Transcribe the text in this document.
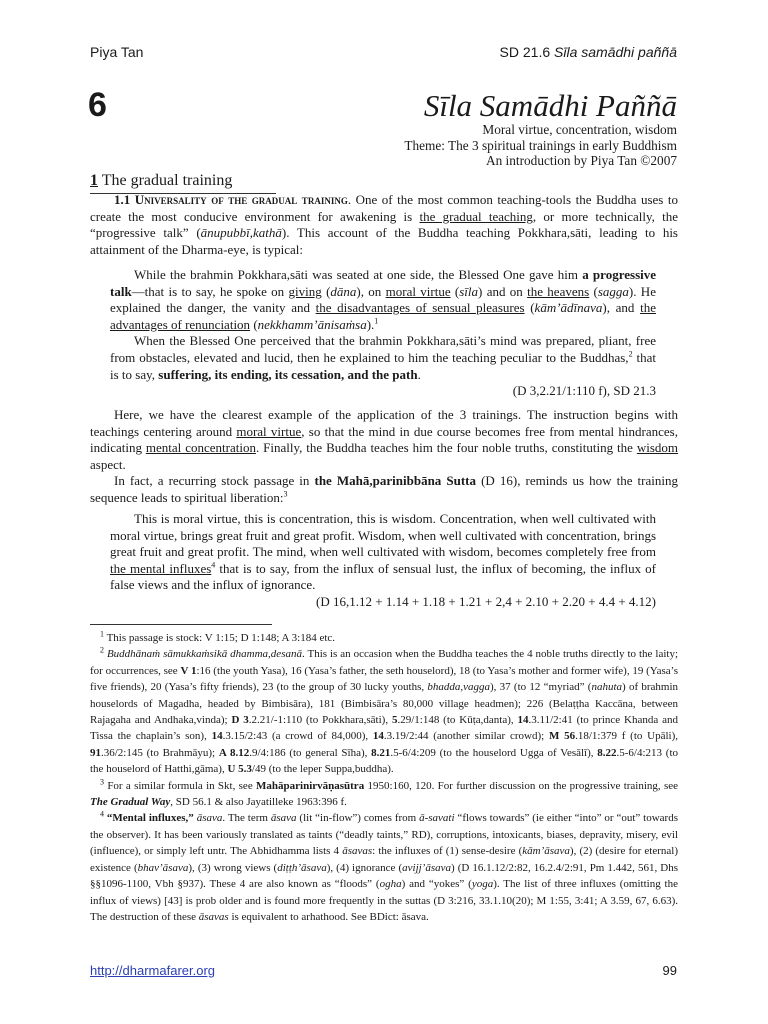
Piya Tan	SD 21.6 Sīla samādhi paññā
6	Sīla Samādhi Paññā
Moral virtue, concentration, wisdom
Theme: The 3 spiritual trainings in early Buddhism
An introduction by Piya Tan ©2007
1 The gradual training

1.1 Universality of the gradual training. One of the most common teaching-tools the Buddha uses to create the most conducive environment for awakening is the gradual teaching, or more technically, the “progressive talk” (ānupubbī,kathā). This account of the Buddha teaching Pokkhara,sāti, leading to his attainment of the Dharma-eye, is typical:

While the brahmin Pokkhara,sāti was seated at one side, the Blessed One gave him a progressive talk—that is to say, he spoke on giving (dāna), on moral virtue (sīla) and on the heavens (sagga). He explained the danger, the vanity and the disadvantages of sensual pleasures (kām’ādīnava), and the advantages of renunciation (nekkhamm’ānisaṁsa).$^1$

When the Blessed One perceived that the brahmin Pokkhara,sāti’s mind was prepared, pliant, free from obstacles, elevated and lucid, then he explained to him the teaching peculiar to the Buddhas,$^2$ that is to say, suffering, its ending, its cessation, and the path.

(D 3,2.21/1:110 f), SD 21.3

Here, we have the clearest example of the application of the 3 trainings. The instruction begins with teachings centering around moral virtue, so that the mind in due course becomes free from mental hindrances, indicating mental concentration. Finally, the Buddha teaches him the four noble truths, constituting the wisdom aspect.

In fact, a recurring stock passage in the Mahā,parinibbāna Sutta (D 16), reminds us how the training sequence leads to spiritual liberation:$^3$

This is moral virtue, this is concentration, this is wisdom. Concentration, when well cultivated with moral virtue, brings great fruit and great profit. Wisdom, when well cultivated with concentration, brings great fruit and great profit. The mind, when well cultivated with wisdom, becomes completely free from the mental influxes$^4$ that is to say, from the influx of sensual lust, the influx of becoming, the influx of false views and the influx of ignorance.

(D 16,1.12 + 1.14 + 1.18 + 1.21 + 2,4 + 2.10 + 2.20 + 4.4 + 4.12)

$^1$ This passage is stock: V 1:15; D 1:148; A 3:184 etc.

$^2$ Buddhānaṁ sāmukkaṁsikā dhamma,desanā. This is an occasion when the Buddha teaches the 4 noble truths directly to the laity; for occurrences, see V 1:16 (the youth Yasa), 16 (Yasa’s father, the seth houselord), 18 (to Yasa’s mother and former wife), 19 (Yasa’s five friends), 20 (Yasa’s fifty friends), 23 (to the group of 30 lucky youths, bhadda,vagga), 37 (to 12 “myriad” (nahuta) of brahmin houselords of Magadha, headed by Bimbisāra), 181 (Bimbisāra’s 80,000 village headmen); 226 (Belaṭṭha Kaccāna, between Rajagaha and Andhaka,vinda); D 3.2.21/-1:110 (to Pokkhara,sāti), 5.29/1:148 (to Kūṭa,danta), 14.3.11/2:41 (to prince Khanda and Tissa the chaplain’s son), 14.3.15/2:43 (a crowd of 84,000), 14.3.19/2:44 (another similar crowd); M 56.18/1:379 f (to Upāli), 91.36/2:145 (to Brahmāyu); A 8.12.9/4:186 (to general Sīha), 8.21.5-6/4:209 (to the houselord Ugga of Vesālī), 8.22.5-6/4:213 (to the houselord of Hatthi,gāma), U 5.3/49 (to the leper Suppa,buddha).

$^3$ For a similar formula in Skt, see Mahāparinirvāṇasūtra 1950:160, 120. For further discussion on the progressive training, see The Gradual Way, SD 56.1 & also Jayatilleke 1963:396 f.

$^4$ “Mental influxes,” āsava. The term āsava (lit “in-flow”) comes from ā-savati “flows towards” (ie either “into” or “out” towards the observer). It has been variously translated as taints (“deadly taints,” RD), corruptions, intoxicants, biases, depravity, misery, evil (influence), or simply left untr. The Abhidhamma lists 4 āsavas: the influxes of (1) sense-desire (kām’āsava), (2) (desire for eternal) existence (bhav’āsava), (3) wrong views (diṭṭh’āsava), (4) ignorance (avijj’āsava) (D 16.1.12/2:82, 16.2.4/2:91, Pm 1.442, 561, Dhs §§1096-1100, Vbh §937). These 4 are also known as “floods” (ogha) and “yokes” (yoga). The list of three influxes (omitting the influx of views) [43] is prob older and is found more frequently in the suttas (D 3:216, 33.1.10(20); M 1:55, 3:41; A 3.59, 67, 6.63). The destruction of these āsavas is equivalent to arhathood. See BDict: āsava.

http://dharmafarer.org	99
